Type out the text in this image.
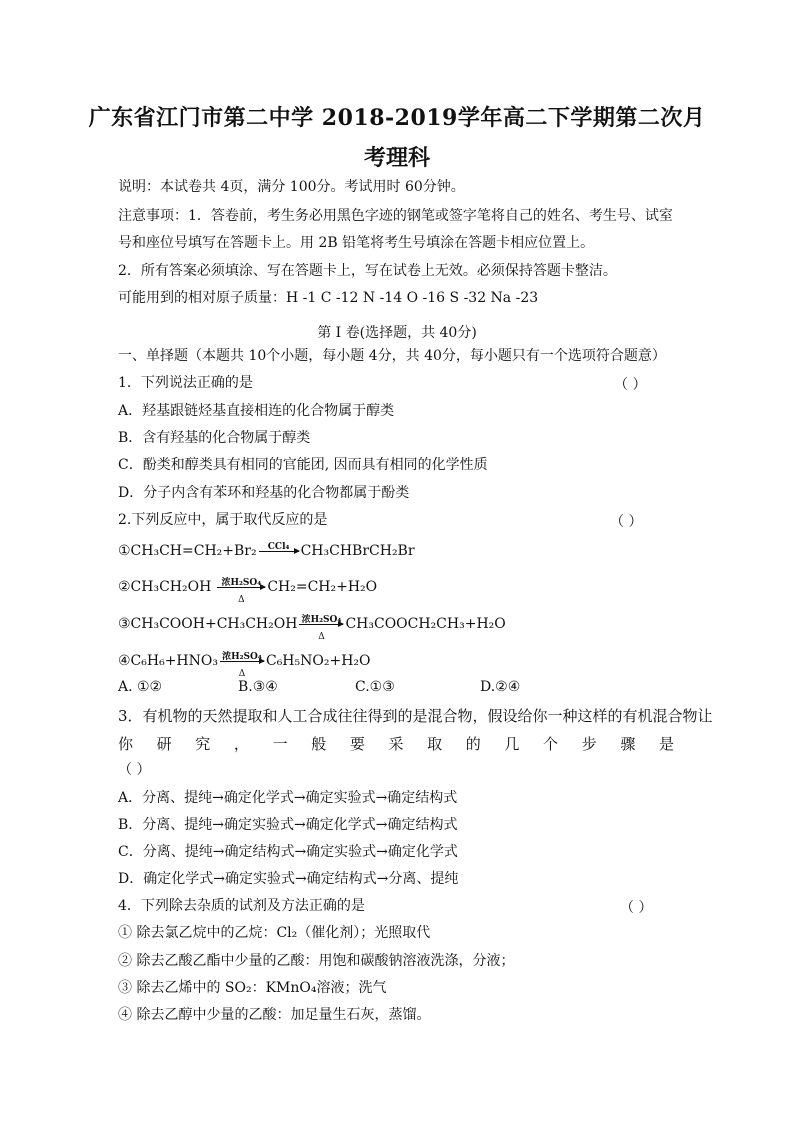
广东省江门市第二中学 2018-2019学年高二下学期第二次月
考理科
说明：本试卷共 4页，满分 100分。考试用时 60分钟。
注意事项：1．答卷前，考生务必用黑色字迹的钢笔或签字笔将自己的姓名、考生号、试室
号和座位号填写在答题卡上。用 2B 铅笔将考生号填涂在答题卡相应位置上。
2．所有答案必须填涂、写在答题卡上，写在试卷上无效。必须保持答题卡整洁。
可能用到的相对原子质量：H -1 C -12 N -14 O -16 S -32 Na -23
第 I 卷(选择题，共 40分)
一、单择题（本题共 10个小题，每小题 4分，共 40分，每小题只有一个选项符合题意）
1．下列说法正确的是	（ ）
A．羟基跟链烃基直接相连的化合物属于醇类
B．含有羟基的化合物属于醇类
C．酚类和醇类具有相同的官能团, 因而具有相同的化学性质
D．分子内含有苯环和羟基的化合物都属于酚类
2.下列反应中，属于取代反应的是	（ ）
①CH₃CH=CH₂+Br₂	CCl₄ CH₃CHBrCH₂Br
②CH₃CH₂OH	浓H₂SO₄
Δ
CH₂=CH₂+H₂O
③CH₃COOH+CH₃CH₂OH 浓H₂SO₄
Δ
CH₃COOCH₂CH₃+H₂O
④C₆H₆+HNO₃ 浓H₂SO₄
Δ
C₆H₅NO₂+H₂O
A. ①②	B.③④	C.①③	D.②④
3．有机物的天然提取和人工合成往往得到的是混合物，假设给你一种这样的有机混合物让
你 研 究 ， 一 般 要 采 取 的 几 个 步 骤 是
（ ）
A．分离、提纯→确定化学式→确定实验式→确定结构式
B．分离、提纯→确定实验式→确定化学式→确定结构式
C．分离、提纯→确定结构式→确定实验式→确定化学式
D．确定化学式→确定实验式→确定结构式→分离、提纯
4．下列除去杂质的试剂及方法正确的是	（ ）
① 除去氯乙烷中的乙烷：Cl₂（催化剂）；光照取代
② 除去乙酸乙酯中少量的乙酸：用饱和碳酸钠溶液洗涤，分液；
③ 除去乙烯中的 SO₂：KMnO₄溶液；洗气
④ 除去乙醇中少量的乙酸：加足量生石灰，蒸馏。
